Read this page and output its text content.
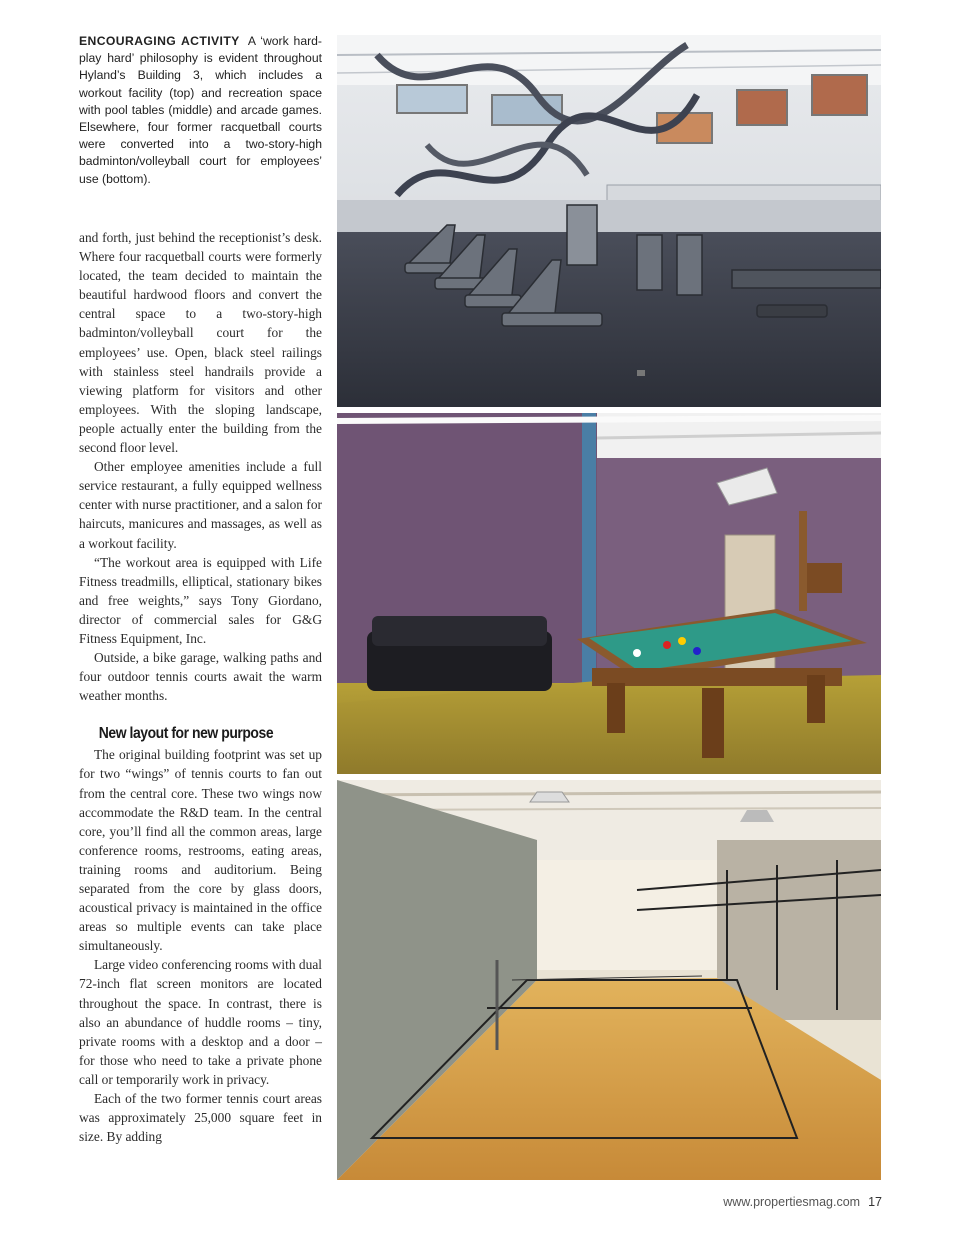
ENCOURAGING ACTIVITY A ‘work hard-play hard’ philosophy is evident throughout Hyland’s Building 3, which includes a workout facility (top) and recreation space with pool tables (middle) and arcade games. Elsewhere, four former racquetball courts were converted into a two-story-high badminton/volleyball court for employees’ use (bottom).

and forth, just behind the receptionist’s desk. Where four racquetball courts were formerly located, the team decided to maintain the beautiful hardwood floors and convert the central space to a two-story-high badminton/volleyball court for the employees’ use. Open, black steel railings with stainless steel handrails provide a viewing platform for visitors and other employees. With the sloping landscape, people actually enter the building from the second floor level.

Other employee amenities include a full service restaurant, a fully equipped wellness center with nurse practitioner, and a salon for haircuts, manicures and massages, as well as a workout facility.

“The workout area is equipped with Life Fitness treadmills, elliptical, stationary bikes and free weights,” says Tony Giordano, director of commercial sales for G&G Fitness Equipment, Inc.

Outside, a bike garage, walking paths and four outdoor tennis courts await the warm weather months.

New layout for new purpose

The original building footprint was set up for two “wings” of tennis courts to fan out from the central core. These two wings now accommodate the R&D team. In the central core, you’ll find all the common areas, large conference rooms, restrooms, eating areas, training rooms and auditorium. Being separated from the core by glass doors, acoustical privacy is maintained in the office areas so multiple events can take place simultaneously.

Large video conferencing rooms with dual 72-inch flat screen monitors are located throughout the space. In contrast, there is also an abundance of huddle rooms – tiny, private rooms with a desktop and a door – for those who need to take a private phone call or temporarily work in privacy.

Each of the two former tennis court areas was approximately 25,000 square feet in size. By adding

www.propertiesmag.com 17
